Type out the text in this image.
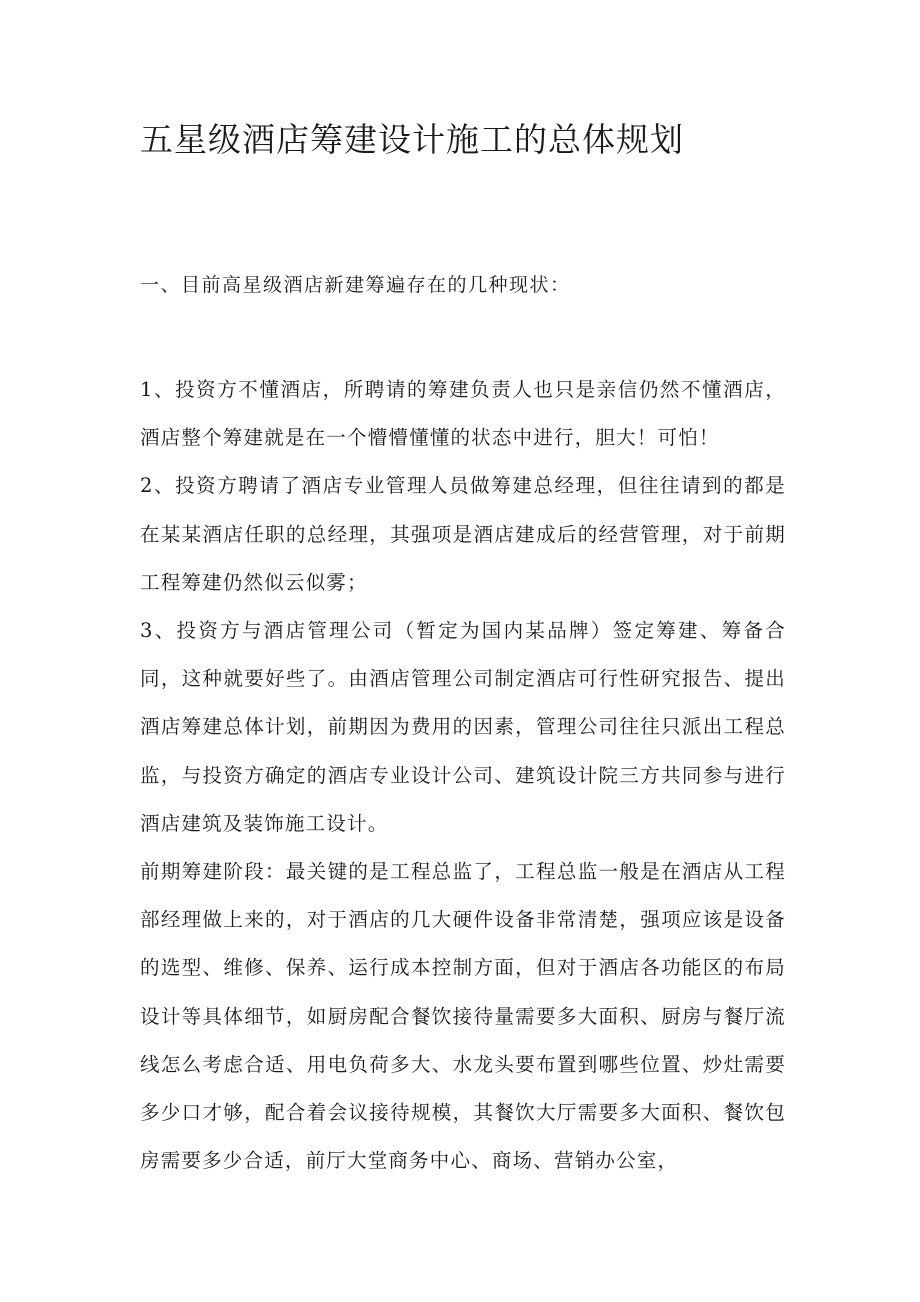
五星级酒店筹建设计施工的总体规划

一、目前高星级酒店新建筹遍存在的几种现状：

1、投资方不懂酒店，所聘请的筹建负责人也只是亲信仍然不懂酒店，酒店整个筹建就是在一个懵懵懂懂的状态中进行，胆大！可怕！

2、投资方聘请了酒店专业管理人员做筹建总经理，但往往请到的都是在某某酒店任职的总经理，其强项是酒店建成后的经营管理，对于前期工程筹建仍然似云似雾；

3、投资方与酒店管理公司（暂定为国内某品牌）签定筹建、筹备合同，这种就要好些了。由酒店管理公司制定酒店可行性研究报告、提出酒店筹建总体计划，前期因为费用的因素，管理公司往往只派出工程总监，与投资方确定的酒店专业设计公司、建筑设计院三方共同参与进行酒店建筑及装饰施工设计。

前期筹建阶段：最关键的是工程总监了，工程总监一般是在酒店从工程部经理做上来的，对于酒店的几大硬件设备非常清楚，强项应该是设备的选型、维修、保养、运行成本控制方面，但对于酒店各功能区的布局设计等具体细节，如厨房配合餐饮接待量需要多大面积、厨房与餐厅流线怎么考虑合适、用电负荷多大、水龙头要布置到哪些位置、炒灶需要多少口才够，配合着会议接待规模，其餐饮大厅需要多大面积、餐饮包房需要多少合适，前厅大堂商务中心、商场、营销办公室，
